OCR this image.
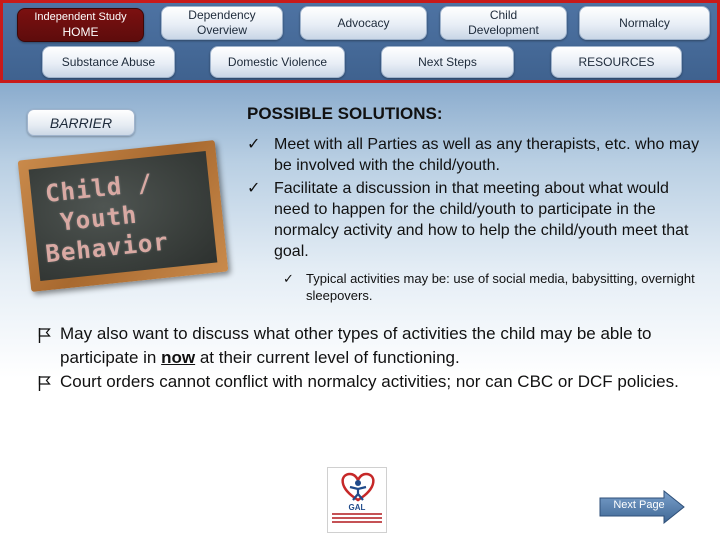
Independent Study
HOME
Dependency
Overview
Advocacy
Child
Development
Normalcy
Substance Abuse	Domestic Violence	Next Steps	RESOURCES
BARRIER
Child /
Youth
Behavior
POSSIBLE SOLUTIONS:
✓ Meet with all Parties as well as any therapists, etc. who may be involved with the child/youth.
✓ Facilitate a discussion in that meeting about what would need to happen for the child/youth to participate in the normalcy activity and how to help the child/youth meet that goal.
✓ Typical activities may be: use of social media, babysitting, overnight sleepovers.
May also want to discuss what other types of activities the child may be able to participate in now at their current level of functioning.
Court orders cannot conflict with normalcy activities; nor can CBC or DCF policies.
GAL	Next Page
